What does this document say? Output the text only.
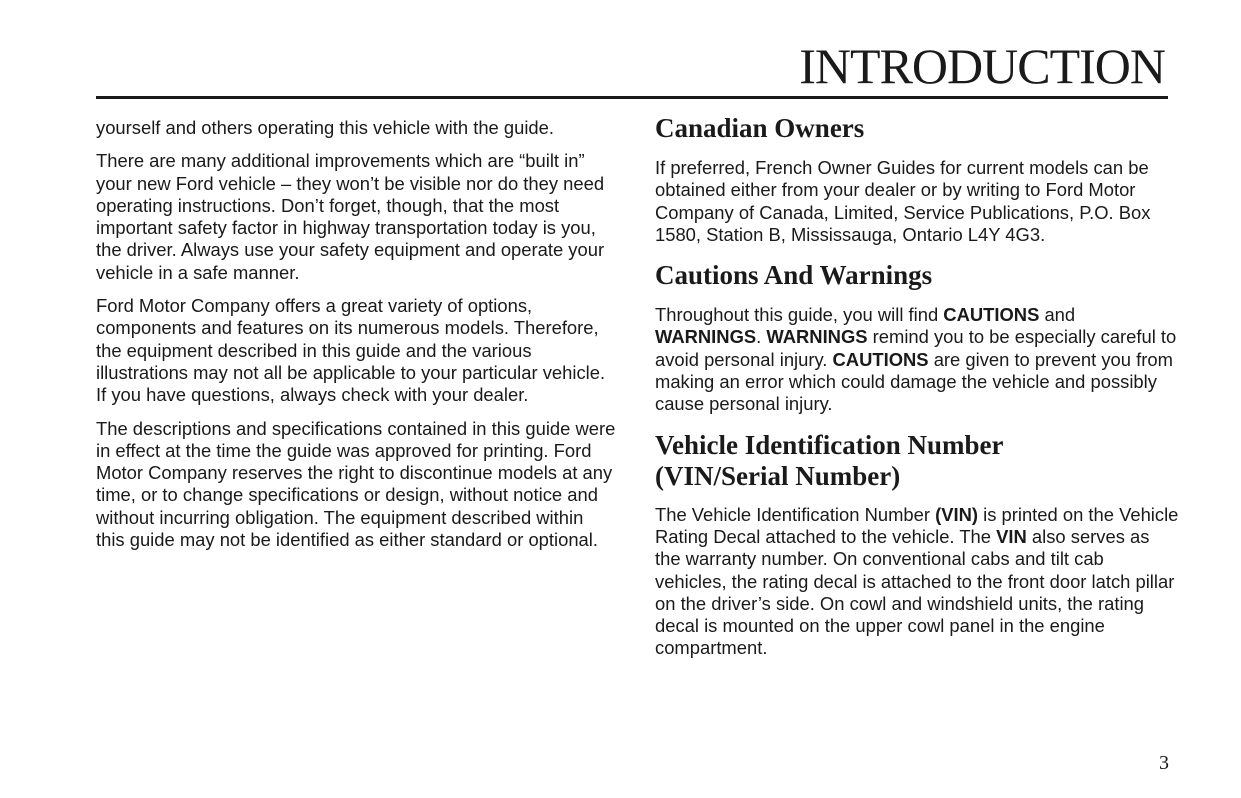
INTRODUCTION

yourself and others operating this vehicle with the guide.

There are many additional improvements which are “built in” your new Ford vehicle – they won’t be visible nor do they need operating instructions. Don’t forget, though, that the most important safety factor in highway transportation today is you, the driver. Always use your safety equipment and operate your vehicle in a safe manner.

Ford Motor Company offers a great variety of options, components and features on its numerous models. Therefore, the equipment described in this guide and the various illustrations may not all be applicable to your particular vehicle. If you have questions, always check with your dealer.

The descriptions and specifications contained in this guide were in effect at the time the guide was approved for printing. Ford Motor Company reserves the right to discontinue models at any time, or to change specifications or design, without notice and without incurring obligation. The equipment described within this guide may not be identified as either standard or optional.

Canadian Owners

If preferred, French Owner Guides for current models can be obtained either from your dealer or by writing to Ford Motor Company of Canada, Limited, Service Publications, P.O. Box 1580, Station B, Mississauga, Ontario L4Y 4G3.

Cautions And Warnings

Throughout this guide, you will find CAUTIONS and WARNINGS. WARNINGS remind you to be especially careful to avoid personal injury. CAUTIONS are given to prevent you from making an error which could damage the vehicle and possibly cause personal injury.

Vehicle Identification Number
(VIN/Serial Number)

The Vehicle Identification Number (VIN) is printed on the Vehicle Rating Decal attached to the vehicle. The VIN also serves as the warranty number. On conventional cabs and tilt cab vehicles, the rating decal is attached to the front door latch pillar on the driver’s side. On cowl and windshield units, the rating decal is mounted on the upper cowl panel in the engine compartment.

3
